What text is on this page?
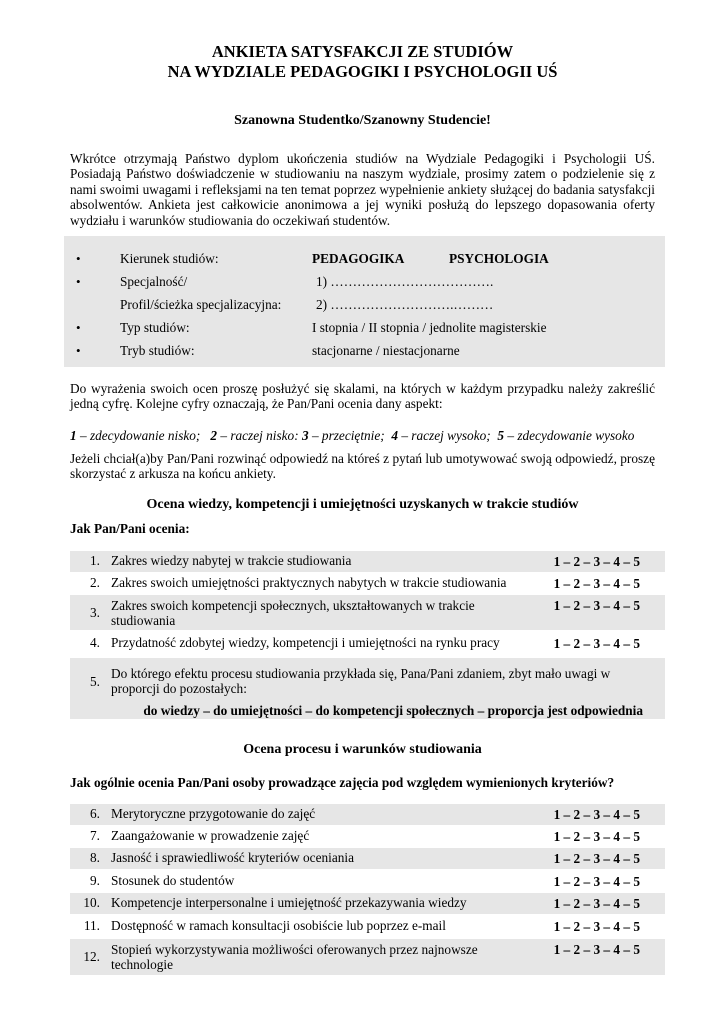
ANKIETA SATYSFAKCJI ZE STUDIÓW
NA WYDZIALE PEDAGOGIKI I PSYCHOLOGII UŚ
Szanowna Studentko/Szanowny Studencie!
Wkrótce otrzymają Państwo dyplom ukończenia studiów na Wydziale Pedagogiki i Psychologii UŚ. Posiadają Państwo doświadczenie w studiowaniu na naszym wydziale, prosimy zatem o podzielenie się z nami swoimi uwagami i refleksjami na ten temat poprzez wypełnienie ankiety służącej do badania satysfakcji absolwentów. Ankieta jest całkowicie anonimowa a jej wyniki posłużą do lepszego dopasowania oferty wydziału i warunków studiowania do oczekiwań studentów.
•	Kierunek studiów:	PEDAGOGIKA	PSYCHOLOGIA
•	Specjalność/	1) ……………………………….
Profil/ścieżka specjalizacyjna:	2) ……………………….………
•	Typ studiów:	I stopnia / II stopnia / jednolite magisterskie
•	Tryb studiów:	stacjonarne / niestacjonarne
Do wyrażenia swoich ocen proszę posłużyć się skalami, na których w każdym przypadku należy zakreślić jedną cyfrę. Kolejne cyfry oznaczają, że Pan/Pani ocenia dany aspekt:
1 – zdecydowanie nisko; 2 – raczej nisko: 3 – przeciętnie; 4 – raczej wysoko; 5 – zdecydowanie wysoko
Jeżeli chciał(a)by Pan/Pani rozwinąć odpowiedź na któreś z pytań lub umotywować swoją odpowiedź, proszę skorzystać z arkusza na końcu ankiety.
Ocena wiedzy, kompetencji i umiejętności uzyskanych w trakcie studiów
Jak Pan/Pani ocenia:
1. Zakres wiedzy nabytej w trakcie studiowania	1 – 2 – 3 – 4 – 5
2. Zakres swoich umiejętności praktycznych nabytych w trakcie studiowania	1 – 2 – 3 – 4 – 5
3. Zakres swoich kompetencji społecznych, ukształtowanych w trakcie studiowania
1 – 2 – 3 – 4 – 5
4. Przydatność zdobytej wiedzy, kompetencji i umiejętności na rynku pracy	1 – 2 – 3 – 4 – 5
5.
Do którego efektu procesu studiowania przykłada się, Pana/Pani zdaniem, zbyt mało uwagi w proporcji do pozostałych:
do wiedzy – do umiejętności – do kompetencji społecznych – proporcja jest odpowiednia
Ocena procesu i warunków studiowania
Jak ogólnie ocenia Pan/Pani osoby prowadzące zajęcia pod względem wymienionych kryteriów?
6. Merytoryczne przygotowanie do zajęć	1 – 2 – 3 – 4 – 5
7. Zaangażowanie w prowadzenie zajęć	1 – 2 – 3 – 4 – 5
8. Jasność i sprawiedliwość kryteriów oceniania	1 – 2 – 3 – 4 – 5
9. Stosunek do studentów	1 – 2 – 3 – 4 – 5
10. Kompetencje interpersonalne i umiejętność przekazywania wiedzy	1 – 2 – 3 – 4 – 5
11. Dostępność w ramach konsultacji osobiście lub poprzez e-mail	1 – 2 – 3 – 4 – 5
12. Stopień wykorzystywania możliwości oferowanych przez najnowsze technologie
1 – 2 – 3 – 4 – 5
